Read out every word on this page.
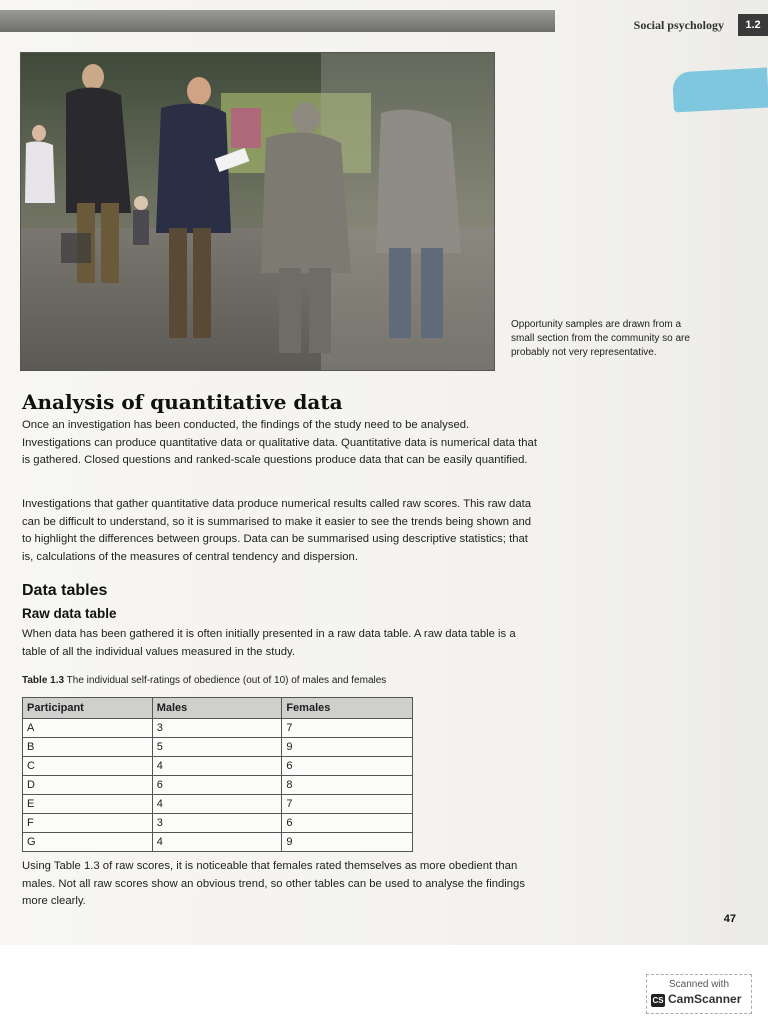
Social psychology	1.2
Opportunity samples are drawn from a small section from the community so are probably not very representative.
Analysis of quantitative data

Once an investigation has been conducted, the findings of the study need to be analysed. Investigations can produce quantitative data or qualitative data. Quantitative data is numerical data that is gathered. Closed questions and ranked-scale questions produce data that can be easily quantified.

Investigations that gather quantitative data produce numerical results called raw scores. This raw data can be difficult to understand, so it is summarised to make it easier to see the trends being shown and to highlight the differences between groups. Data can be summarised using descriptive statistics; that is, calculations of the measures of central tendency and dispersion.

Data tables
Raw data table

When data has been gathered it is often initially presented in a raw data table. A raw data table is a table of all the individual values measured in the study.

Table 1.3 The individual self-ratings of obedience (out of 10) of males and females
Participant	Males	Females
A	3	7
B	5	9
C	4	6
D	6	8
E	4	7
F	3	6
G	4	9

Using Table 1.3 of raw scores, it is noticeable that females rated themselves as more obedient than males. Not all raw scores show an obvious trend, so other tables can be used to analyse the findings more clearly.

47
Scanned with
CS CamScanner
